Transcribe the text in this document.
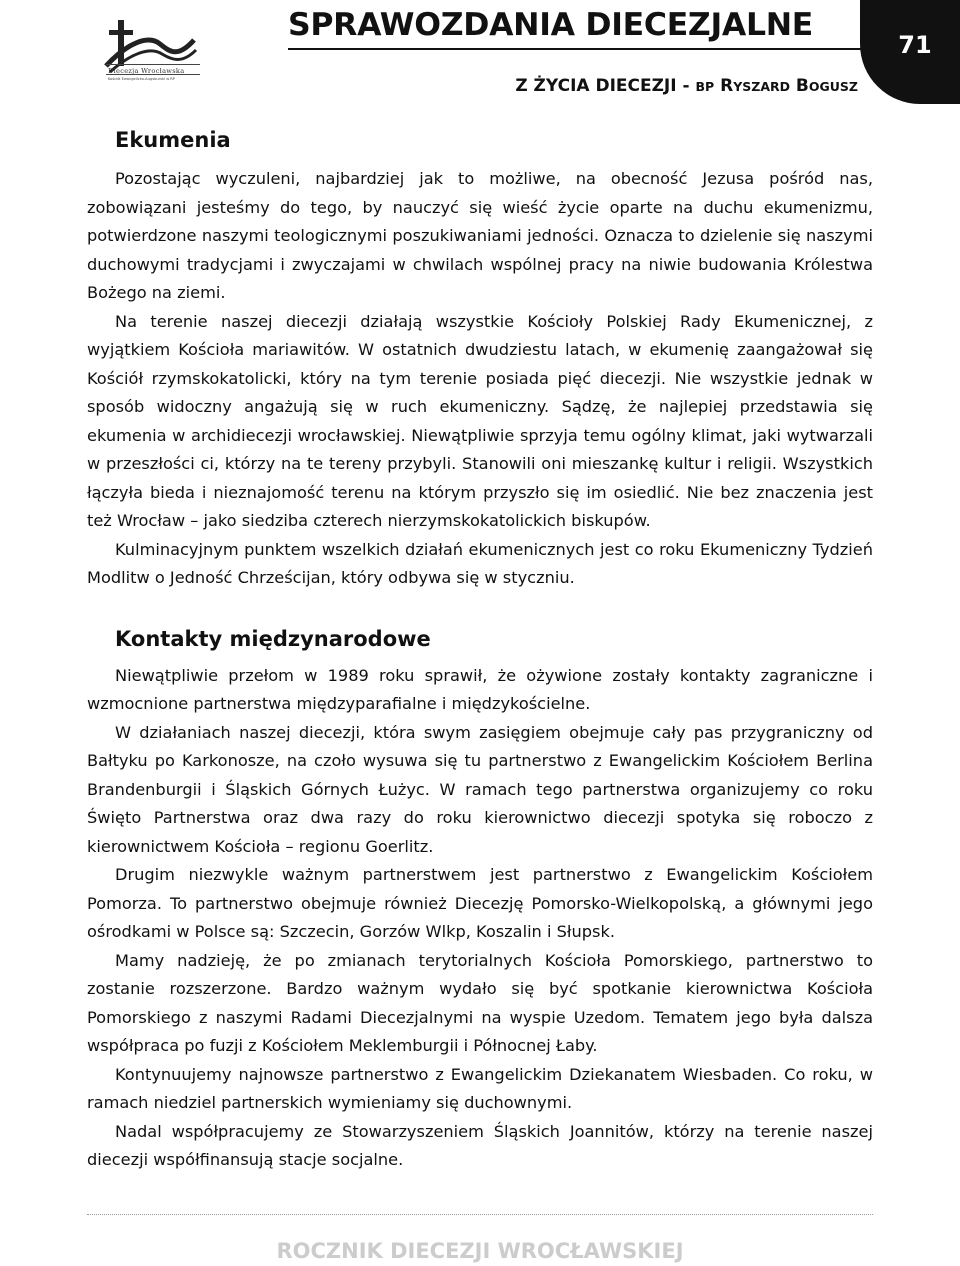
Diecezja Wrocławska
Kościół Ewangelicko-Augsburski w RP
SPRAWOZDANIA DIECEZJALNE
Z ŻYCIA DIECEZJI - BP RYSZARD BOGUSZ
71
Ekumenia

Pozostając wyczuleni, najbardziej jak to możliwe, na obecność Jezusa pośród nas, zobowiązani jesteśmy do tego, by nauczyć się wieść życie oparte na duchu ekumenizmu, potwierdzone naszymi teologicznymi poszukiwaniami jedności. Oznacza to dzielenie się naszymi duchowymi tradycjami i zwyczajami w chwilach wspólnej pracy na niwie budowania Królestwa Bożego na ziemi.

Na terenie naszej diecezji działają wszystkie Kościoły Polskiej Rady Ekumenicznej, z wyjątkiem Kościoła mariawitów. W ostatnich dwudziestu latach, w ekumenię zaangażował się Kościół rzymskokatolicki, który na tym terenie posiada pięć diecezji. Nie wszystkie jednak w sposób widoczny angażują się w ruch ekumeniczny. Sądzę, że najlepiej przedstawia się ekumenia w archidiecezji wrocławskiej. Niewątpliwie sprzyja temu ogólny klimat, jaki wytwarzali w przeszłości ci, którzy na te tereny przybyli. Stanowili oni mieszankę kultur i religii. Wszystkich łączyła bieda i nieznajomość terenu na którym przyszło się im osiedlić. Nie bez znaczenia jest też Wrocław – jako siedziba czterech nierzymskokatolickich biskupów.

Kulminacyjnym punktem wszelkich działań ekumenicznych jest co roku Ekumeniczny Tydzień Modlitw o Jedność Chrześcijan, który odbywa się w styczniu.

Kontakty międzynarodowe

Niewątpliwie przełom w 1989 roku sprawił, że ożywione zostały kontakty zagraniczne i wzmocnione partnerstwa międzyparafialne i międzykościelne.

W działaniach naszej diecezji, która swym zasięgiem obejmuje cały pas przygraniczny od Bałtyku po Karkonosze, na czoło wysuwa się tu partnerstwo z Ewangelickim Kościołem Berlina Brandenburgii i Śląskich Górnych Łużyc. W ramach tego partnerstwa organizujemy co roku Święto Partnerstwa oraz dwa razy do roku kierownictwo diecezji spotyka się roboczo z kierownictwem Kościoła – regionu Goerlitz.

Drugim niezwykle ważnym partnerstwem jest partnerstwo z Ewangelickim Kościołem Pomorza. To partnerstwo obejmuje również Diecezję Pomorsko-Wielkopolską, a głównymi jego ośrodkami w Polsce są: Szczecin, Gorzów Wlkp, Koszalin i Słupsk.

Mamy nadzieję, że po zmianach terytorialnych Kościoła Pomorskiego, partnerstwo to zostanie rozszerzone. Bardzo ważnym wydało się być spotkanie kierownictwa Kościoła Pomorskiego z naszymi Radami Diecezjalnymi na wyspie Uzedom. Tematem jego była dalsza współpraca po fuzji z Kościołem Meklemburgii i Północnej Łaby.

Kontynuujemy najnowsze partnerstwo z Ewangelickim Dziekanatem Wiesbaden. Co roku, w ramach niedziel partnerskich wymieniamy się duchownymi.

Nadal współpracujemy ze Stowarzyszeniem Śląskich Joannitów, którzy na terenie naszej diecezji współfinansują stacje socjalne.

ROCZNIK DIECEZJI WROCŁAWSKIEJ
